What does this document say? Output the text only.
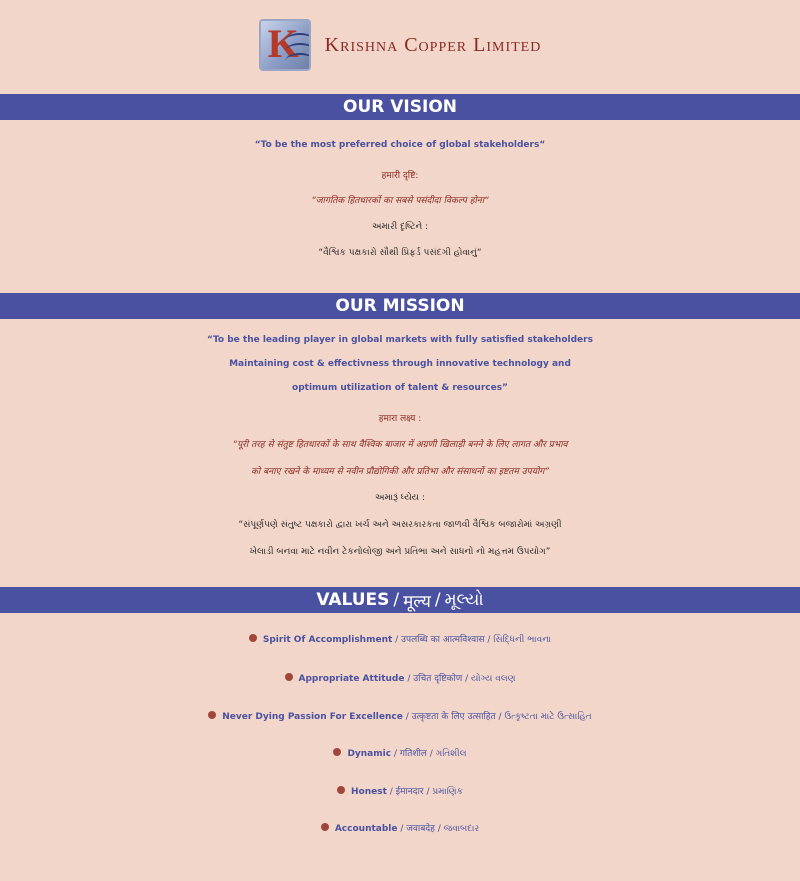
K Krishna Copper Limited
OUR VISION
“To be the most preferred choice of global stakeholders“
हमारी दृष्टि:
“जागतिक हितधारकों का सबसे पसंदीदा विकल्प होना“
અમારી દૃષ્ટિને :
“વૈશ્વિક પક્ષકારો સૌથી પ્રિફર્ડ પસંદગી હોવાનું“
OUR MISSION
“To be the leading player in global markets with fully satisfied stakeholders
Maintaining cost & effectivness through innovative technology and
optimum utilization of talent & resources”
हमारा लक्ष्य :
“पूरी तरह से संतुष्ट हितधारकों के साथ वैश्विक बाजार में अग्रणी खिलाड़ी बनने के लिए लागत और प्रभाव
को बनाए रखने के माध्यम से नवीन प्रौद्योगिकी और प्रतिभा और संसाधनों का इष्टतम उपयोग”
અમારૂં ધ્યેય :
“સંપૂર્ણપણે સંતુષ્ટ પક્ષકારો દ્વારા ખર્ચ અને અસરકારકતા જાળવી વૈશ્વિક બજારોમાં અગ્રણી
ખેલાડી બનવા માટે નવીન ટેકનોલોજી અને પ્રતિભા અને સાધનો નો મહત્તમ ઉપયોગ”
VALUES / मूल्य / મૂલ્યો
Spirit Of Accomplishment / उपलब्धि का आत्मविश्वास / સિદ્ધિની ભાવના
Appropriate Attitude / उचित दृष्टिकोण / યોગ્ય વલણ
Never Dying Passion For Excellence / उत्कृष्टता के लिए उत्साहित / ઉત્કૃષ્ટતા માટે ઉત્સાહિત
Dynamic / गतिशील / ગતિશીલ
Honest / ईमानदार / પ્રમાણિક
Accountable / जवाबदेह / જવાબદાર
